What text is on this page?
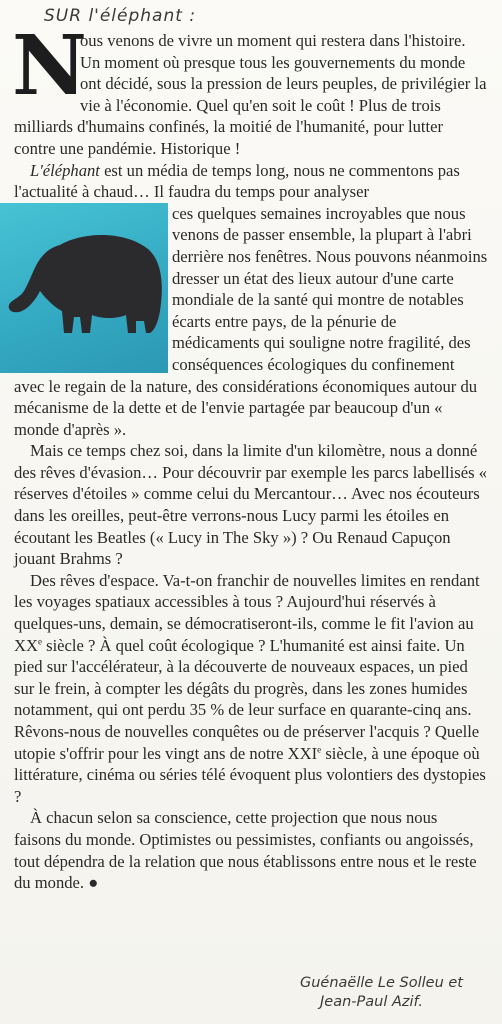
SUR l'éléphant :
N

ous venons de vivre un moment qui restera dans l'histoire. Un moment où presque tous les gouvernements du monde ont décidé, sous la pression de leurs peuples, de privilégier la vie à l'économie. Quel qu'en soit le coût ! Plus de trois milliards d'humains confinés, la moitié de l'humanité, pour lutter contre une pandémie. Historique !

L'éléphant est un média de temps long, nous ne commentons pas l'actualité à chaud… Il faudra du temps pour analyser

ces quelques semaines incroyables que nous venons de passer ensemble, la plupart à l'abri derrière nos fenêtres. Nous pouvons néanmoins dresser un état des lieux autour d'une carte mondiale de la santé qui montre de notables écarts entre pays, de la pénurie de médicaments qui souligne notre fragilité, des conséquences écologiques du confinement avec le regain de la nature, des considérations économiques autour du mécanisme de la dette et de l'envie partagée par beaucoup d'un « monde d'après ».

Mais ce temps chez soi, dans la limite d'un kilomètre, nous a donné des rêves d'évasion… Pour découvrir par exemple les parcs labellisés « réserves d'étoiles » comme celui du Mercantour… Avec nos écouteurs dans les oreilles, peut-être verrons-nous Lucy parmi les étoiles en écoutant les Beatles (« Lucy in The Sky ») ? Ou Renaud Capuçon jouant Brahms ?

Des rêves d'espace. Va-t-on franchir de nouvelles limites en rendant les voyages spatiaux accessibles à tous ? Aujourd'hui réservés à quelques-uns, demain, se démocratiseront-ils, comme le fit l'avion au XXe siècle ? À quel coût écologique ? L'humanité est ainsi faite. Un pied sur l'accélérateur, à la découverte de nouveaux espaces, un pied sur le frein, à compter les dégâts du progrès, dans les zones humides notamment, qui ont perdu 35 % de leur surface en quarante-cinq ans. Rêvons-nous de nouvelles conquêtes ou de préserver l'acquis ? Quelle utopie s'offrir pour les vingt ans de notre XXIe siècle, à une époque où littérature, cinéma ou séries télé évoquent plus volontiers des dystopies ?

À chacun selon sa conscience, cette projection que nous nous faisons du monde. Optimistes ou pessimistes, confiants ou angoissés, tout dépendra de la relation que nous établissons entre nous et le reste du monde. ●

Guénaëlle Le Solleu et
Jean-Paul Azif.
